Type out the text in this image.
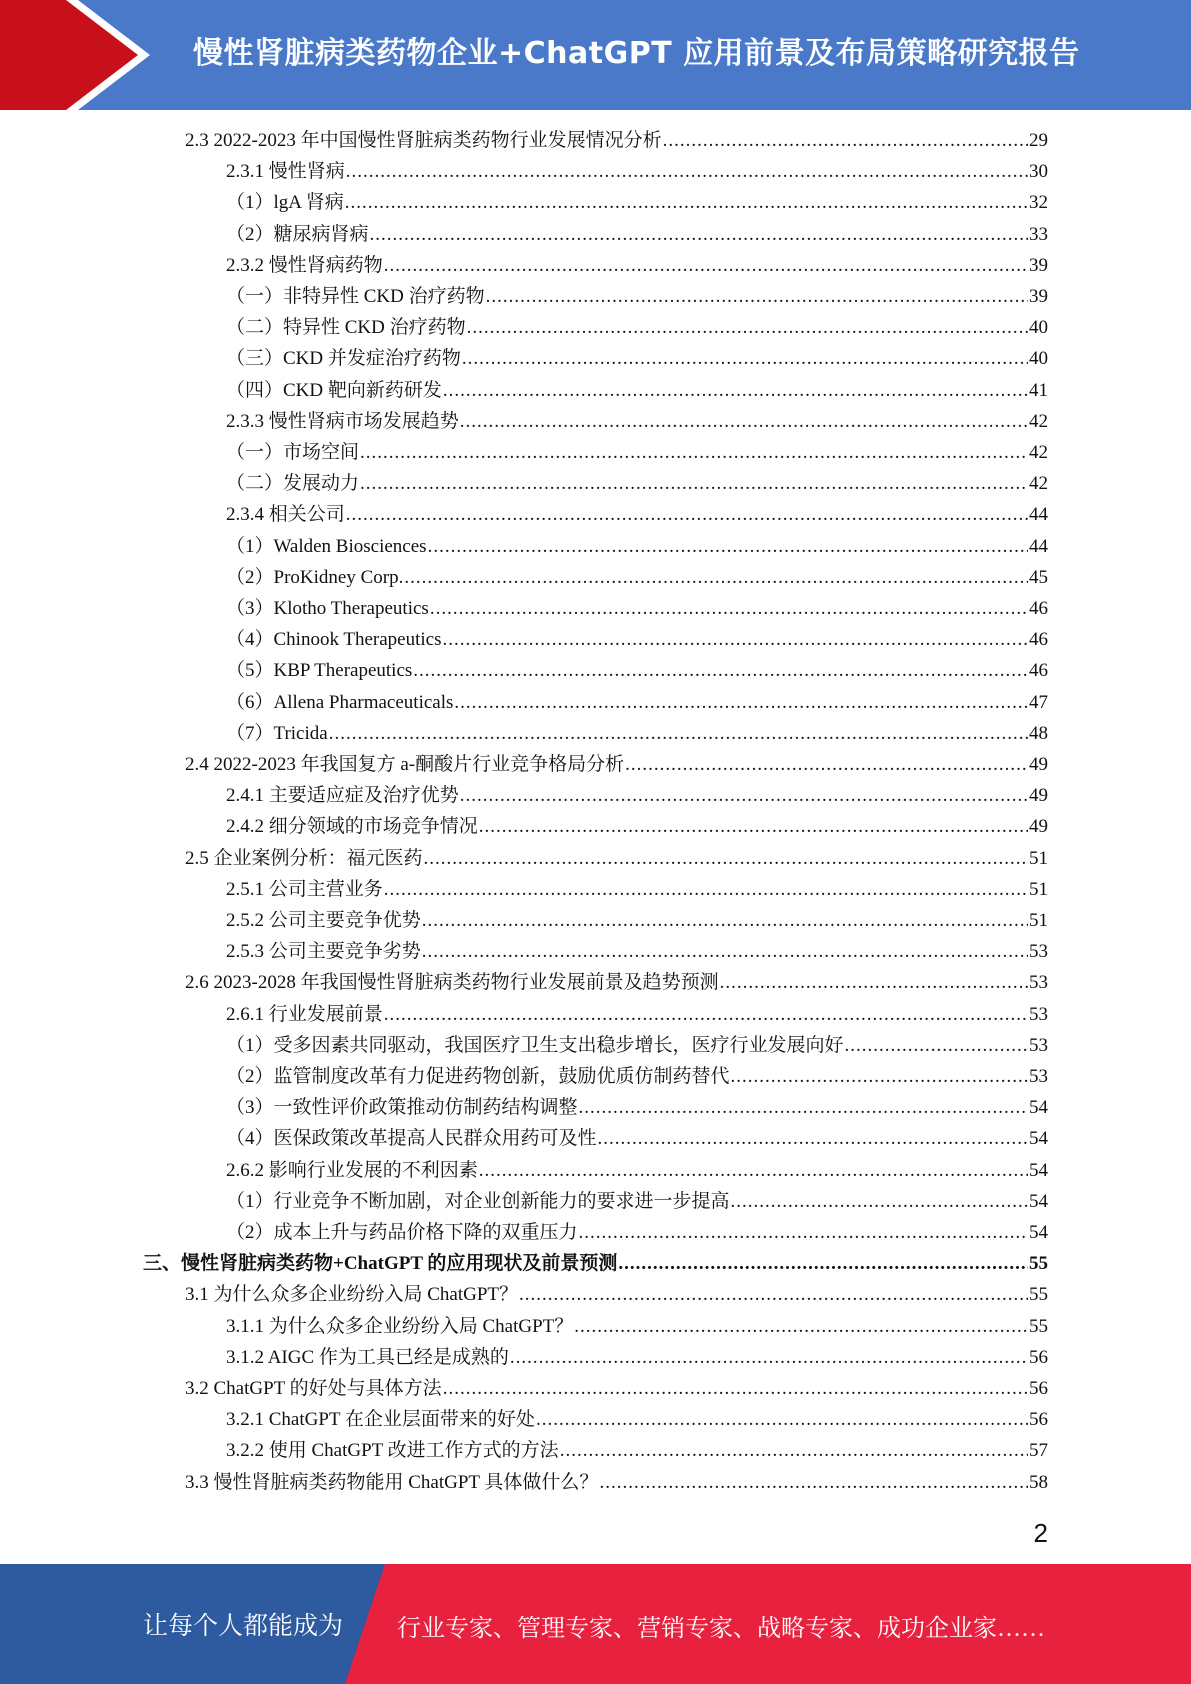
慢性肾脏病类药物企业+ChatGPT 应用前景及布局策略研究报告
2.3 2022-2023 年中国慢性肾脏病类药物行业发展情况分析 .....	29
2.3.1 慢性肾病 .....	30
（1）lgA 肾病 .....	32
（2）糖尿病肾病 .....	33
2.3.2 慢性肾病药物 .....	39
（一）非特异性 CKD 治疗药物 .....	39
（二）特异性 CKD 治疗药物 .....	40
（三）CKD 并发症治疗药物 .....	40
（四）CKD 靶向新药研发 .....	41
2.3.3 慢性肾病市场发展趋势 .....	42
（一）市场空间 .....	42
（二）发展动力 .....	42
2.3.4 相关公司 .....	44
（1）Walden Biosciences .....	44
（2）ProKidney Corp. .....	45
（3）Klotho Therapeutics .....	46
（4）Chinook Therapeutics .....	46
（5）KBP Therapeutics .....	46
（6）Allena Pharmaceuticals .....	47
（7）Tricida .....	48
2.4 2022-2023 年我国复方 a-酮酸片行业竞争格局分析 .....	49
2.4.1 主要适应症及治疗优势 .....	49
2.4.2 细分领域的市场竞争情况 .....	49
2.5 企业案例分析：福元医药 .....	51
2.5.1 公司主营业务 .....	51
2.5.2 公司主要竞争优势 .....	51
2.5.3 公司主要竞争劣势 .....	53
2.6 2023-2028 年我国慢性肾脏病类药物行业发展前景及趋势预测 .....	53
2.6.1 行业发展前景 .....	53
（1）受多因素共同驱动，我国医疗卫生支出稳步增长，医疗行业发展向好 .....	53
（2）监管制度改革有力促进药物创新，鼓励优质仿制药替代 .....	53
（3）一致性评价政策推动仿制药结构调整 .....	54
（4）医保政策改革提高人民群众用药可及性 .....	54
2.6.2 影响行业发展的不利因素 .....	54
（1）行业竞争不断加剧，对企业创新能力的要求进一步提高 .....	54
（2）成本上升与药品价格下降的双重压力 .....	54
三、慢性肾脏病类药物+ChatGPT 的应用现状及前景预测 .....	55
3.1 为什么众多企业纷纷入局 ChatGPT？ .....	55
3.1.1 为什么众多企业纷纷入局 ChatGPT？ .....	55
3.1.2 AIGC 作为工具已经是成熟的 .....	56
3.2 ChatGPT 的好处与具体方法 .....	56
3.2.1 ChatGPT 在企业层面带来的好处 .....	56
3.2.2 使用 ChatGPT 改进工作方式的方法 .....	57
3.3 慢性肾脏病类药物能用 ChatGPT 具体做什么？ .....	58
2
让每个人都能成为 行业专家、管理专家、营销专家、战略专家、成功企业家……
